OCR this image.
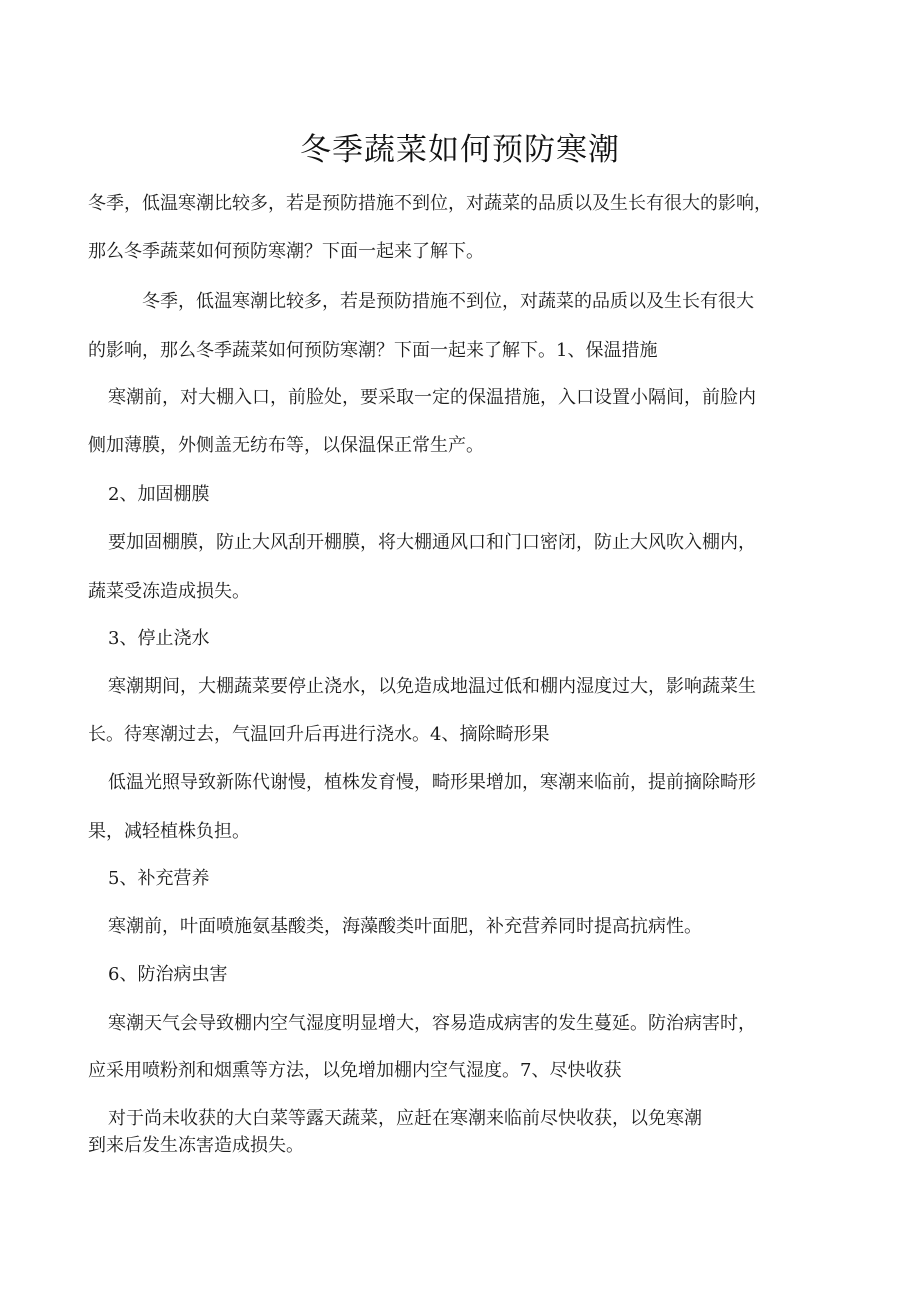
冬季蔬菜如何预防寒潮
冬季，低温寒潮比较多，若是预防措施不到位，对蔬菜的品质以及生长有很大的影响，
那么冬季蔬菜如何预防寒潮？下面一起来了解下。
冬季，低温寒潮比较多，若是预防措施不到位，对蔬菜的品质以及生长有很大
的影响，那么冬季蔬菜如何预防寒潮？下面一起来了解下。1、保温措施
寒潮前，对大棚入口，前脸处，要采取一定的保温措施，入口设置小隔间，前脸内
侧加薄膜，外侧盖无纺布等，以保温保正常生产。
2、加固棚膜
要加固棚膜，防止大风刮开棚膜，将大棚通风口和门口密闭，防止大风吹入棚内，
蔬菜受冻造成损失。
3、停止浇水
寒潮期间，大棚蔬菜要停止浇水，以免造成地温过低和棚内湿度过大，影响蔬菜生
长。待寒潮过去，气温回升后再进行浇水。4、摘除畸形果
低温光照导致新陈代谢慢，植株发育慢，畸形果增加，寒潮来临前，提前摘除畸形
果，减轻植株负担。
5、补充营养
寒潮前，叶面喷施氨基酸类，海藻酸类叶面肥，补充营养同时提高抗病性。
6、防治病虫害
寒潮天气会导致棚内空气湿度明显增大，容易造成病害的发生蔓延。防治病害时，
应采用喷粉剂和烟熏等方法，以免增加棚内空气湿度。7、尽快收获
对于尚未收获的大白菜等露天蔬菜，应赶在寒潮来临前尽快收获，以免寒潮
到来后发生冻害造成损失。
